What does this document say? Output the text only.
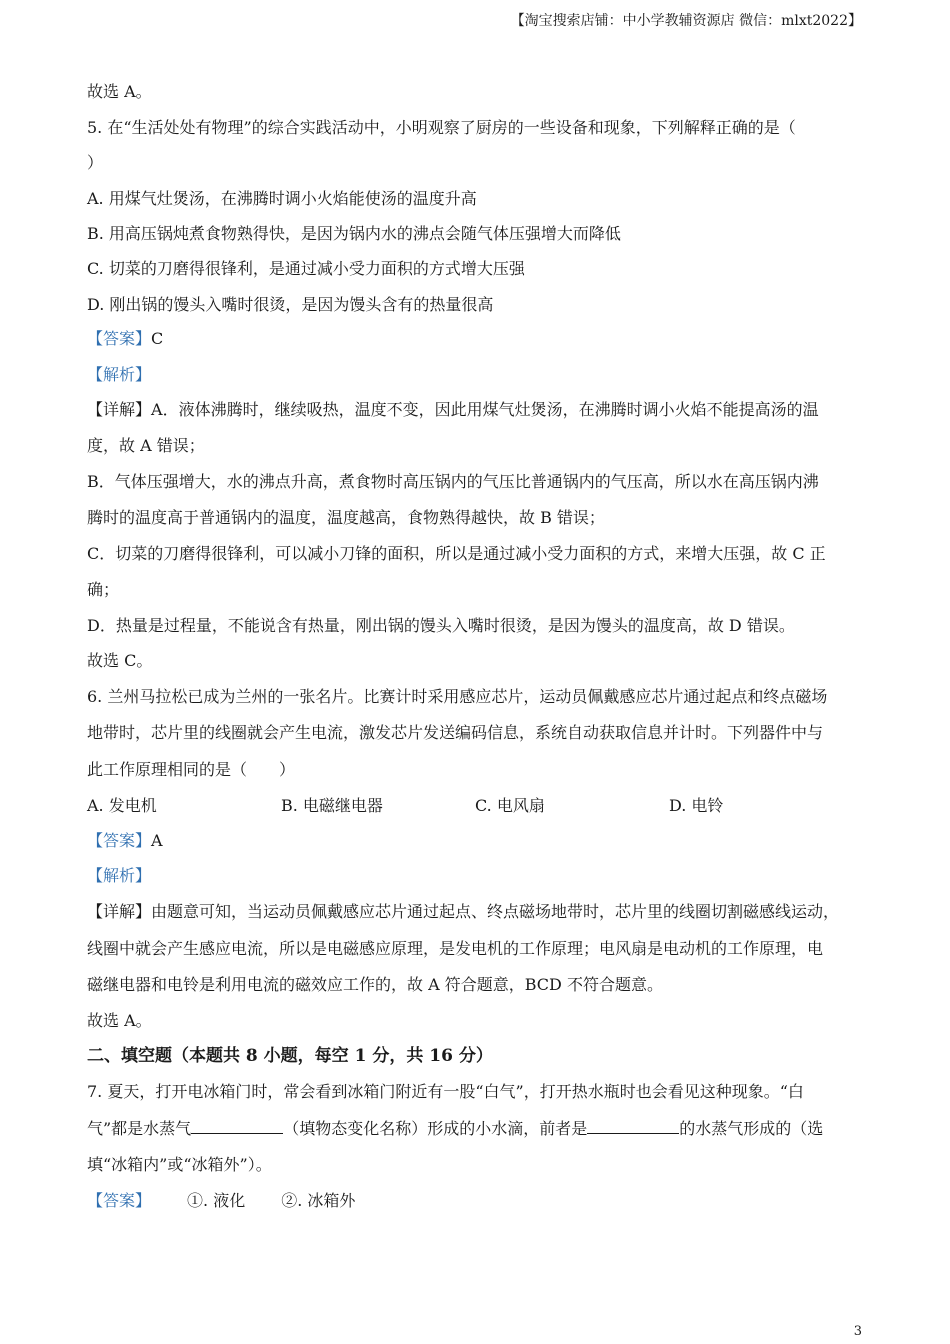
【淘宝搜索店铺：中小学教辅资源店 微信：mlxt2022】
故选 A。
5. 在“生活处处有物理”的综合实践活动中，小明观察了厨房的一些设备和现象，下列解释正确的是（
）
A. 用煤气灶煲汤，在沸腾时调小火焰能使汤的温度升高
B. 用高压锅炖煮食物熟得快，是因为锅内水的沸点会随气体压强增大而降低
C. 切菜的刀磨得很锋利，是通过减小受力面积的方式增大压强
D. 刚出锅的馒头入嘴时很烫，是因为馒头含有的热量很高
【答案】C
【解析】
【详解】A．液体沸腾时，继续吸热，温度不变，因此用煤气灶煲汤，在沸腾时调小火焰不能提高汤的温
度，故 A 错误；
B．气体压强增大，水的沸点升高，煮食物时高压锅内的气压比普通锅内的气压高，所以水在高压锅内沸
腾时的温度高于普通锅内的温度，温度越高，食物熟得越快，故 B 错误；
C．切菜的刀磨得很锋利，可以减小刀锋的面积，所以是通过减小受力面积的方式，来增大压强，故 C 正
确；
D．热量是过程量，不能说含有热量，刚出锅的馒头入嘴时很烫，是因为馒头的温度高，故 D 错误。
故选 C。
6. 兰州马拉松已成为兰州的一张名片。比赛计时采用感应芯片，运动员佩戴感应芯片通过起点和终点磁场
地带时，芯片里的线圈就会产生电流，激发芯片发送编码信息，系统自动获取信息并计时。下列器件中与
此工作原理相同的是（　　）
A. 发电机	B. 电磁继电器	C. 电风扇	D. 电铃
【答案】A
【解析】
【详解】由题意可知，当运动员佩戴感应芯片通过起点、终点磁场地带时，芯片里的线圈切割磁感线运动，
线圈中就会产生感应电流，所以是电磁感应原理，是发电机的工作原理；电风扇是电动机的工作原理，电
磁继电器和电铃是利用电流的磁效应工作的，故 A 符合题意，BCD 不符合题意。
故选 A。
二、填空题（本题共 8 小题，每空 1 分，共 16 分）
7. 夏天，打开电冰箱门时，常会看到冰箱门附近有一股“白气”，打开热水瓶时也会看见这种现象。“白
气”都是水蒸气	（填物态变化名称）形成的小水滴，前者是	的水蒸气形成的（选
填“冰箱内”或“冰箱外”）。
【答案】 ①. 液化 ②. 冰箱外
3
